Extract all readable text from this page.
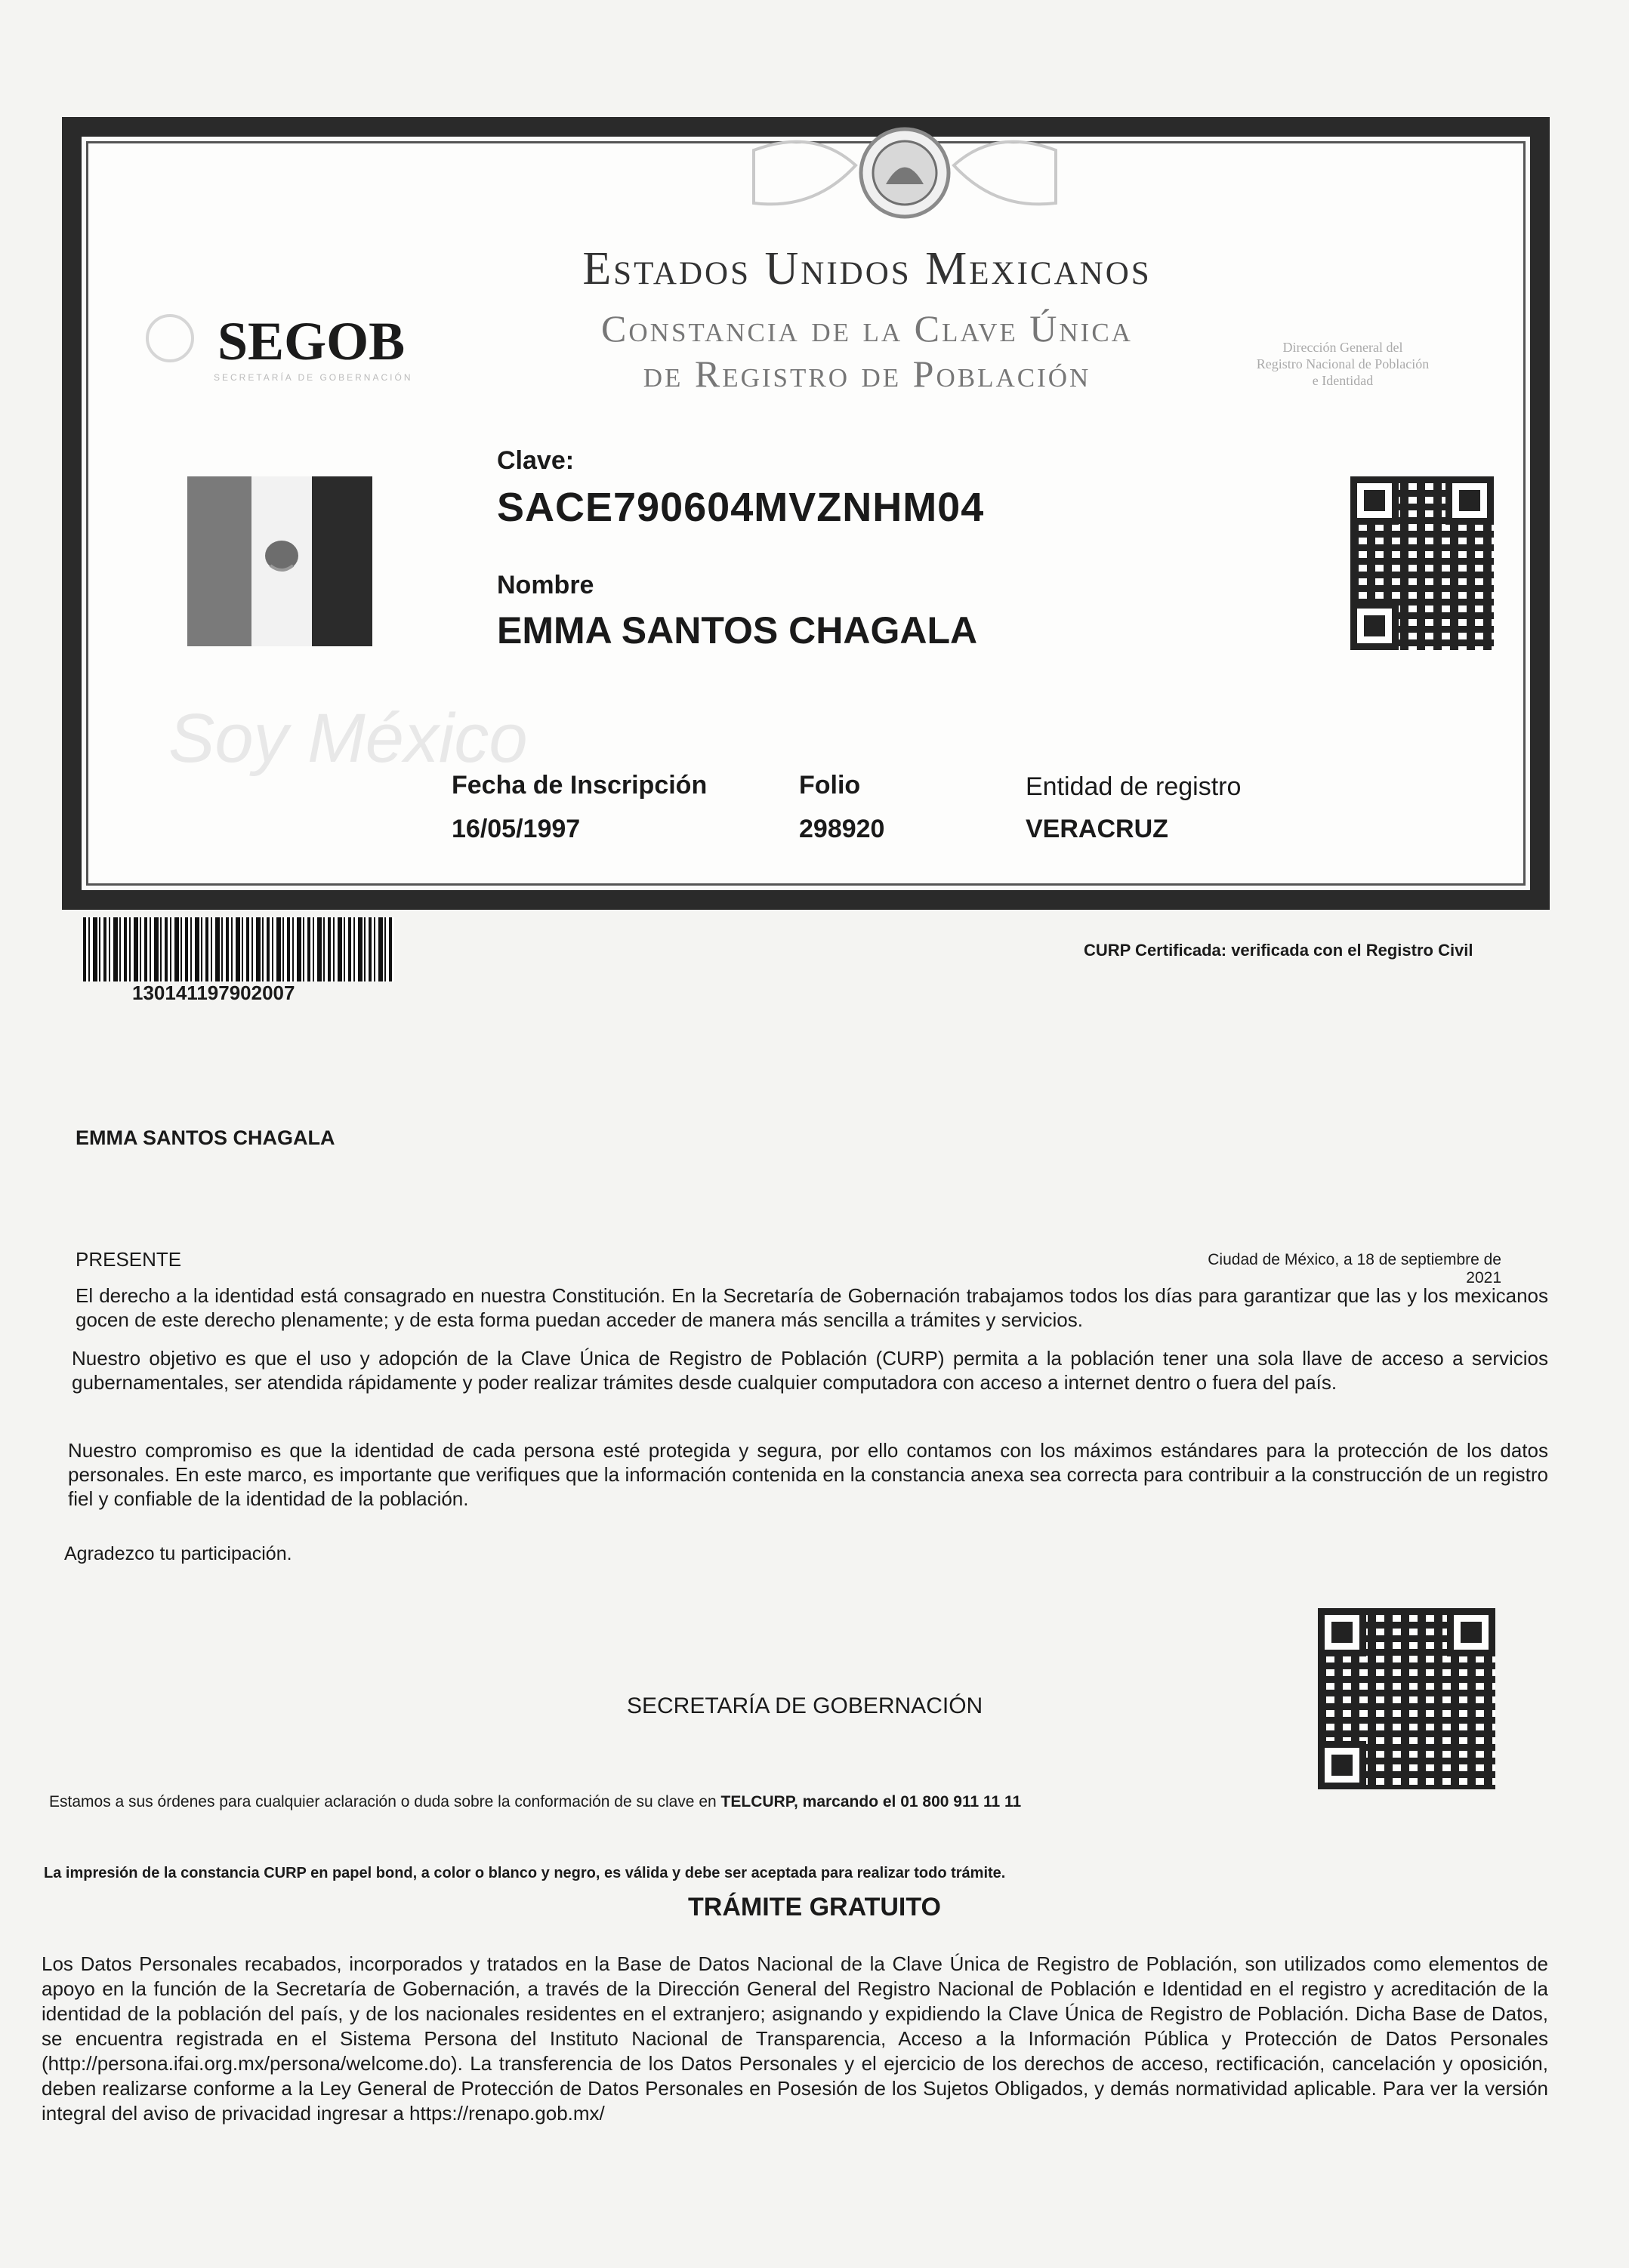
Estados Unidos Mexicanos
Constancia de la Clave Única
de Registro de Población
SEGOB
SECRETARÍA DE GOBERNACIÓN
Dirección General del
Registro Nacional de Población
e Identidad
Soy México
Clave:
SACE790604MVZNHM04
Nombre
EMMA SANTOS CHAGALA
Fecha de Inscripción
16/05/1997
Folio
298920
Entidad de registro
VERACRUZ
130141197902007
CURP Certificada: verificada con el Registro Civil
EMMA SANTOS CHAGALA
PRESENTE	Ciudad de México, a 18 de septiembre de 2021

El derecho a la identidad está consagrado en nuestra Constitución. En la Secretaría de Gobernación trabajamos todos los días para garantizar que las y los mexicanos gocen de este derecho plenamente; y de esta forma puedan acceder de manera más sencilla a trámites y servicios.

Nuestro objetivo es que el uso y adopción de la Clave Única de Registro de Población (CURP) permita a la población tener una sola llave de acceso a servicios gubernamentales, ser atendida rápidamente y poder realizar trámites desde cualquier computadora con acceso a internet dentro o fuera del país.

Nuestro compromiso es que la identidad de cada persona esté protegida y segura, por ello contamos con los máximos estándares para la protección de los datos personales. En este marco, es importante que verifiques que la información contenida en la constancia anexa sea correcta para contribuir a la construcción de un registro fiel y confiable de la identidad de la población.

Agradezco tu participación.
SECRETARÍA DE GOBERNACIÓN
Estamos a sus órdenes para cualquier aclaración o duda sobre la conformación de su clave en TELCURP, marcando el 01 800 911 11 11
La impresión de la constancia CURP en papel bond, a color o blanco y negro, es válida y debe ser aceptada para realizar todo trámite.
TRÁMITE GRATUITO

Los Datos Personales recabados, incorporados y tratados en la Base de Datos Nacional de la Clave Única de Registro de Población, son utilizados como elementos de apoyo en la función de la Secretaría de Gobernación, a través de la Dirección General del Registro Nacional de Población e Identidad en el registro y acreditación de la identidad de la población del país, y de los nacionales residentes en el extranjero; asignando y expidiendo la Clave Única de Registro de Población. Dicha Base de Datos, se encuentra registrada en el Sistema Persona del Instituto Nacional de Transparencia, Acceso a la Información Pública y Protección de Datos Personales (http://persona.ifai.org.mx/persona/welcome.do). La transferencia de los Datos Personales y el ejercicio de los derechos de acceso, rectificación, cancelación y oposición, deben realizarse conforme a la Ley General de Protección de Datos Personales en Posesión de los Sujetos Obligados, y demás normatividad aplicable. Para ver la versión integral del aviso de privacidad ingresar a https://renapo.gob.mx/
